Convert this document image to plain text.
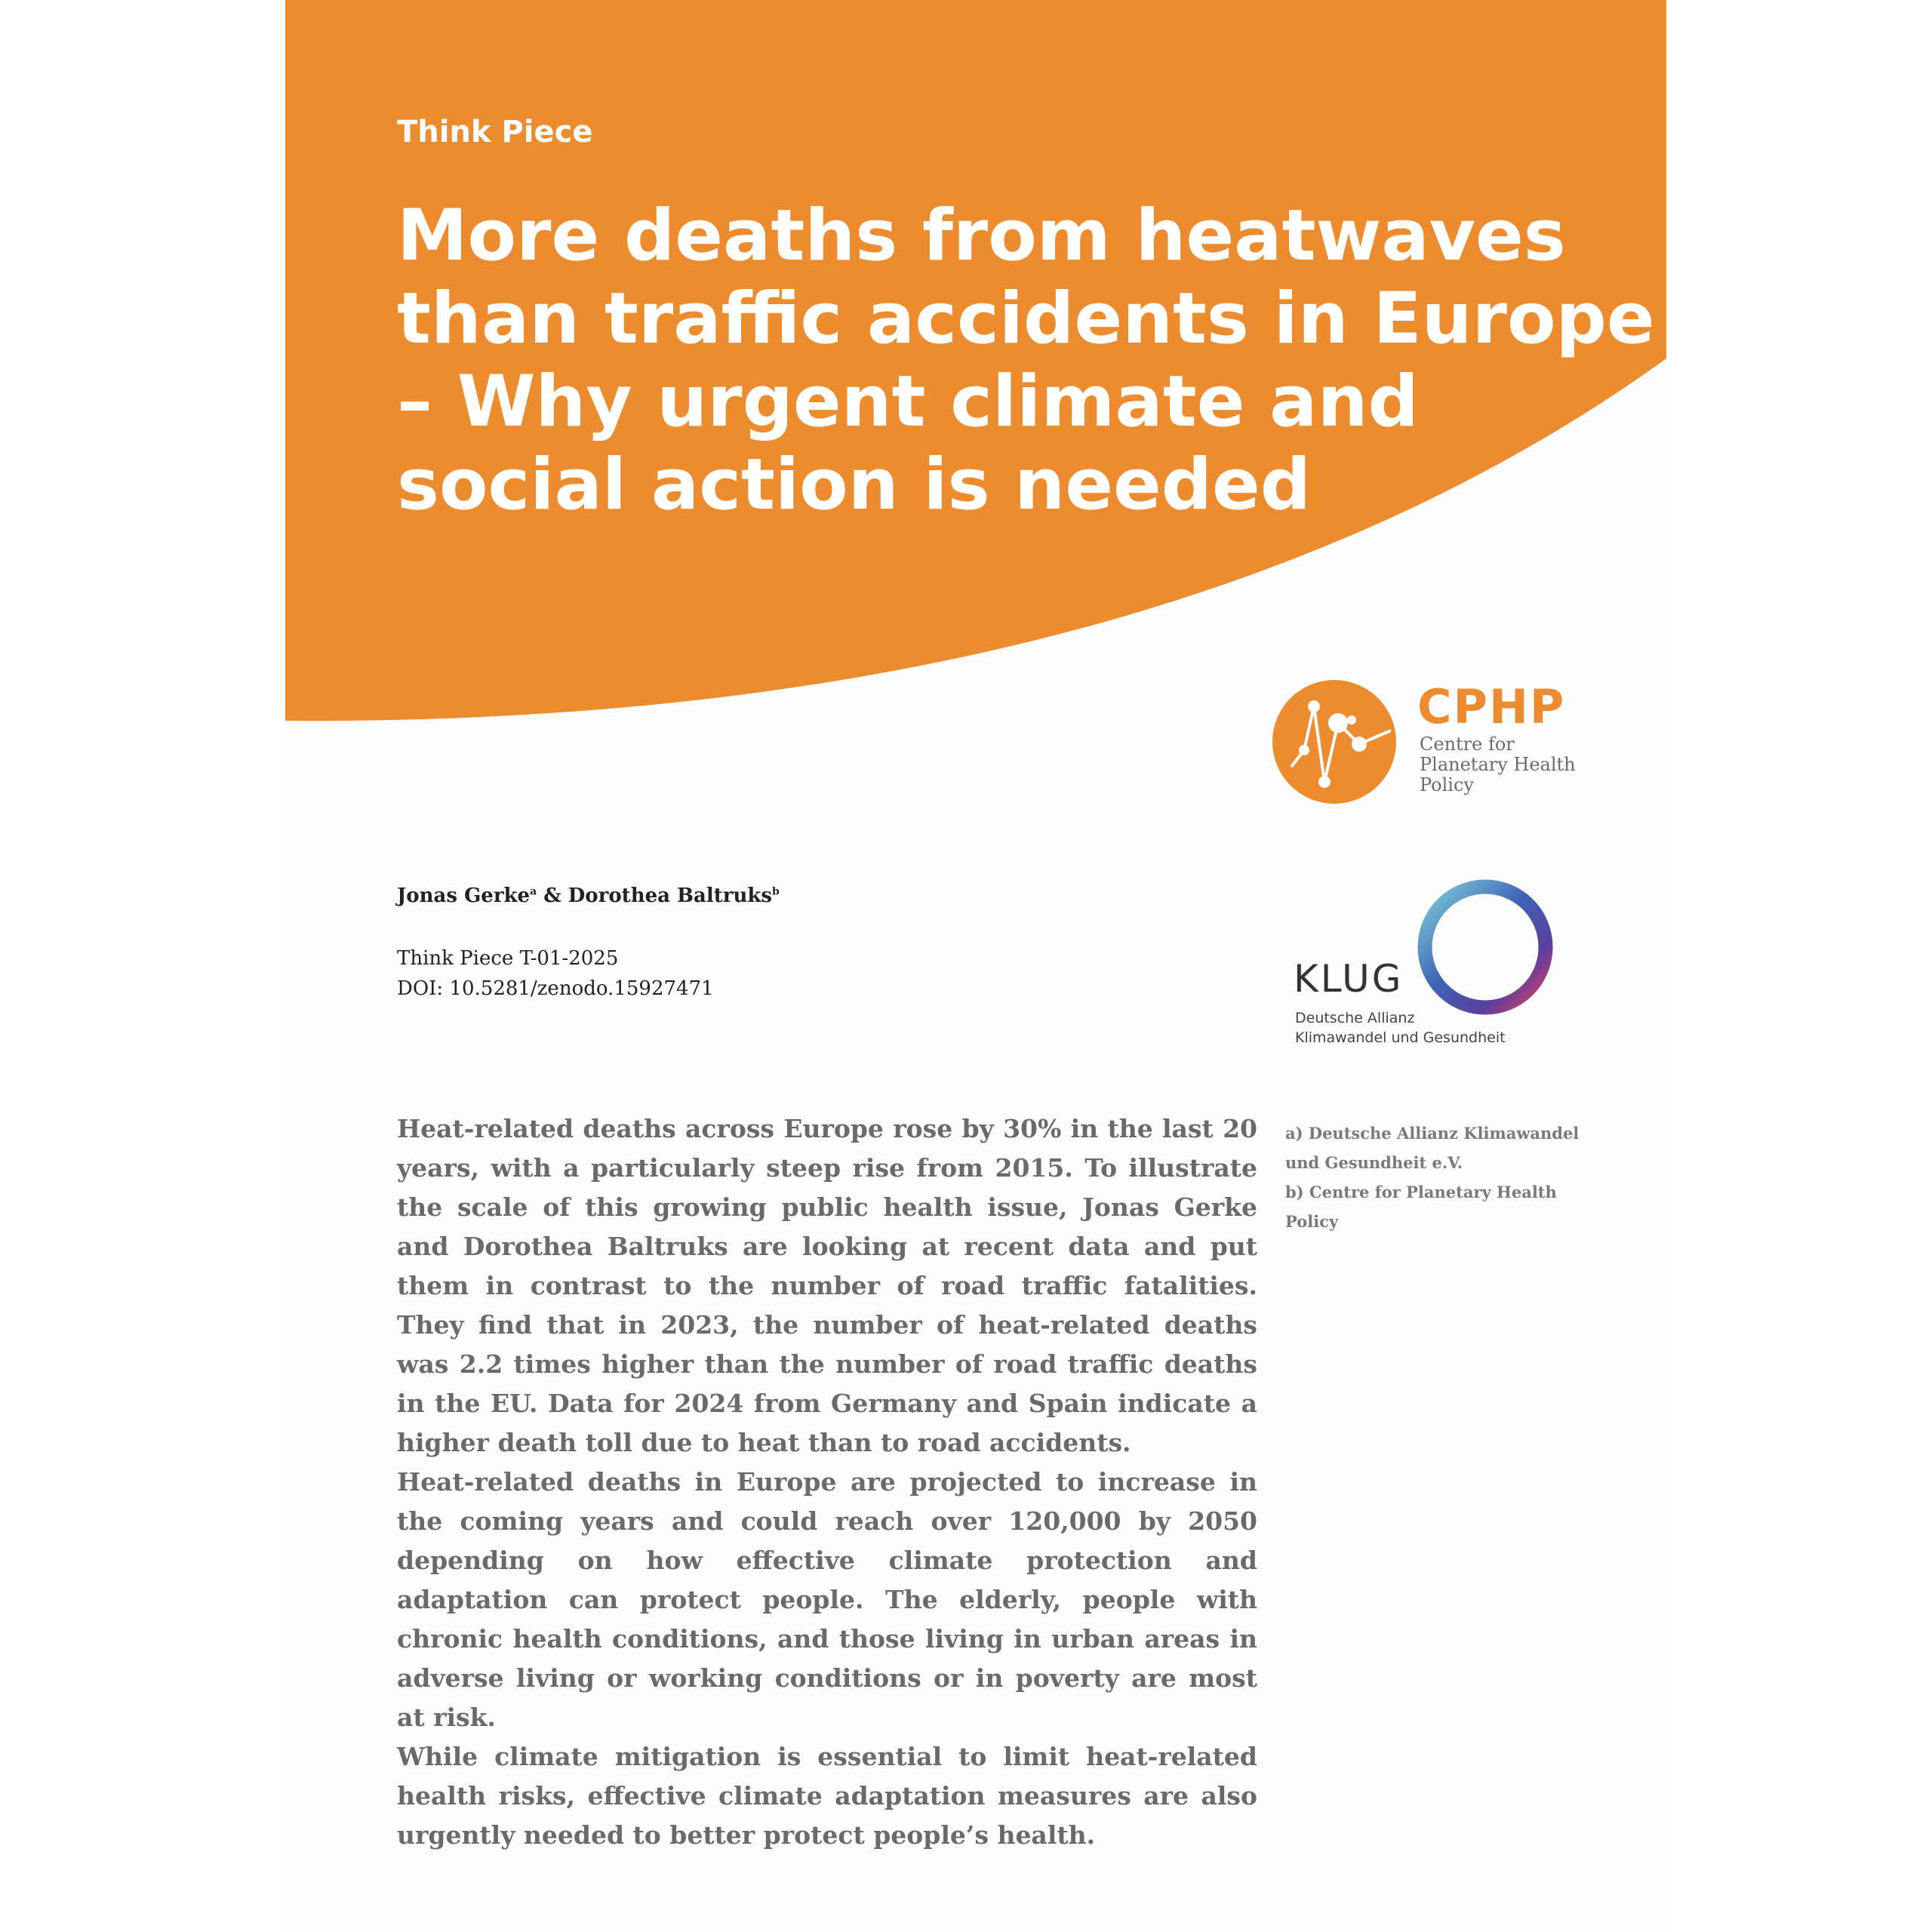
Think Piece
More deaths from heatwaves
than traffic accidents in Europe
– Why urgent climate and
social action is needed
CPHP
Centre for
Planetary Health
Policy
Jonas Gerke$^a$ & Dorothea Baltruks$^b$
Think Piece T-01-2025
DOI: 10.5281/zenodo.15927471	KLUG
Deutsche Allianz
Klimawandel und Gesundheit

Heat-related deaths across Europe rose by 30% in the last 20 years, with a particularly steep rise from 2015. To illustrate the scale of this growing public health issue, Jonas Gerke and Dorothea Baltruks are looking at recent data and put them in contrast to the number of road traffic fatalities. They find that in 2023, the number of heat-related deaths was 2.2 times higher than the number of road traffic deaths in the EU. Data for 2024 from Germany and Spain indicate a higher death toll due to heat than to road accidents.

Heat-related deaths in Europe are projected to increase in the coming years and could reach over 120,000 by 2050 depending on how effective climate protection and adaptation can protect people. The elderly, people with chronic health conditions, and those living in urban areas in adverse living or working conditions or in poverty are most at risk.

While climate mitigation is essential to limit heat-related health risks, effective climate adaptation measures are also urgently needed to better protect people’s health.

a) Deutsche Allianz Klimawandel
und Gesundheit e.V.
b) Centre for Planetary Health
Policy
